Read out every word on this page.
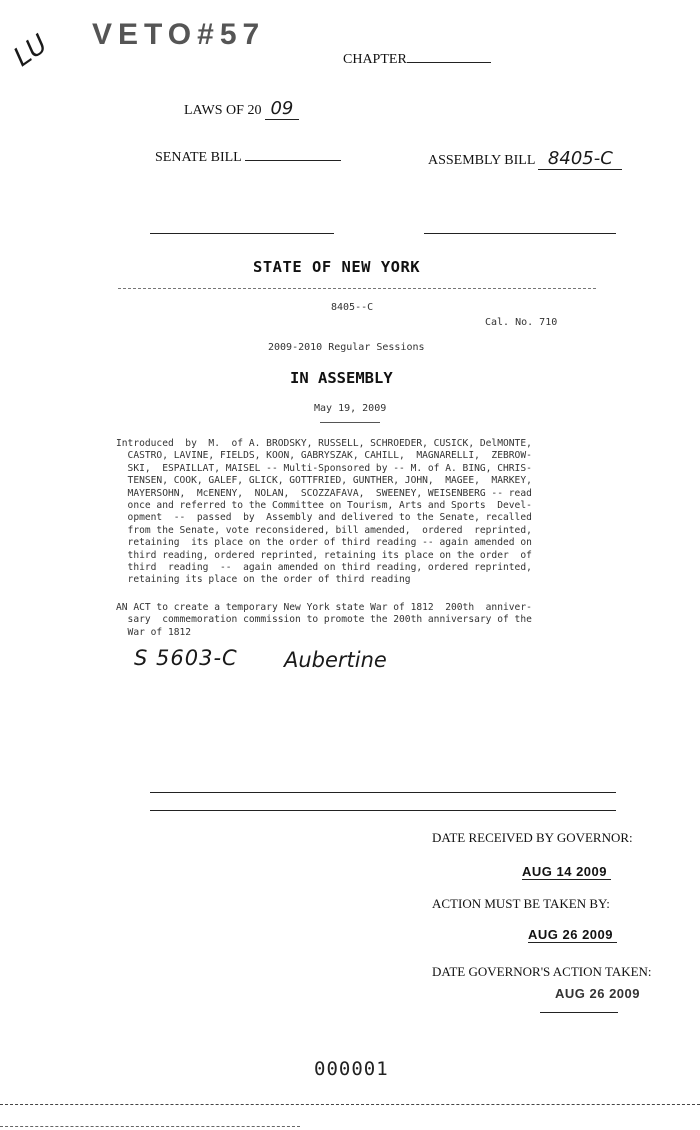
LU VETO#57
CHAPTER
LAWS OF 20 09
SENATE BILL	ASSEMBLY BILL 8405-C
STATE OF NEW YORK
8405--C
Cal. No. 710
2009-2010 Regular Sessions
IN ASSEMBLY
May 19, 2009
Introduced  by  M.  of A. BRODSKY, RUSSELL, SCHROEDER, CUSICK, DelMONTE,
CASTRO, LAVINE, FIELDS, KOON, GABRYSZAK, CAHILL,  MAGNARELLI,  ZEBROW-
SKI,  ESPAILLAT, MAISEL -- Multi-Sponsored by -- M. of A. BING, CHRIS-
TENSEN, COOK, GALEF, GLICK, GOTTFRIED, GUNTHER, JOHN,  MAGEE,  MARKEY,
MAYERSOHN,  McENENY,  NOLAN,  SCOZZAFAVA,  SWEENEY, WEISENBERG -- read
once and referred to the Committee on Tourism, Arts and Sports  Devel-
opment  --  passed  by  Assembly and delivered to the Senate, recalled
from the Senate, vote reconsidered, bill amended,  ordered  reprinted,
retaining  its place on the order of third reading -- again amended on
third reading, ordered reprinted, retaining its place on the order  of
third  reading  --  again amended on third reading, ordered reprinted,
retaining its place on the order of third reading
AN ACT to create a temporary New York state War of 1812  200th  anniver-
sary  commemoration commission to promote the 200th anniversary of the
War of 1812
S 5603-C Aubertine
DATE RECEIVED BY GOVERNOR:
AUG 14 2009
ACTION MUST BE TAKEN BY:
AUG 26 2009
DATE GOVERNOR'S ACTION TAKEN:
AUG 26 2009
000001
